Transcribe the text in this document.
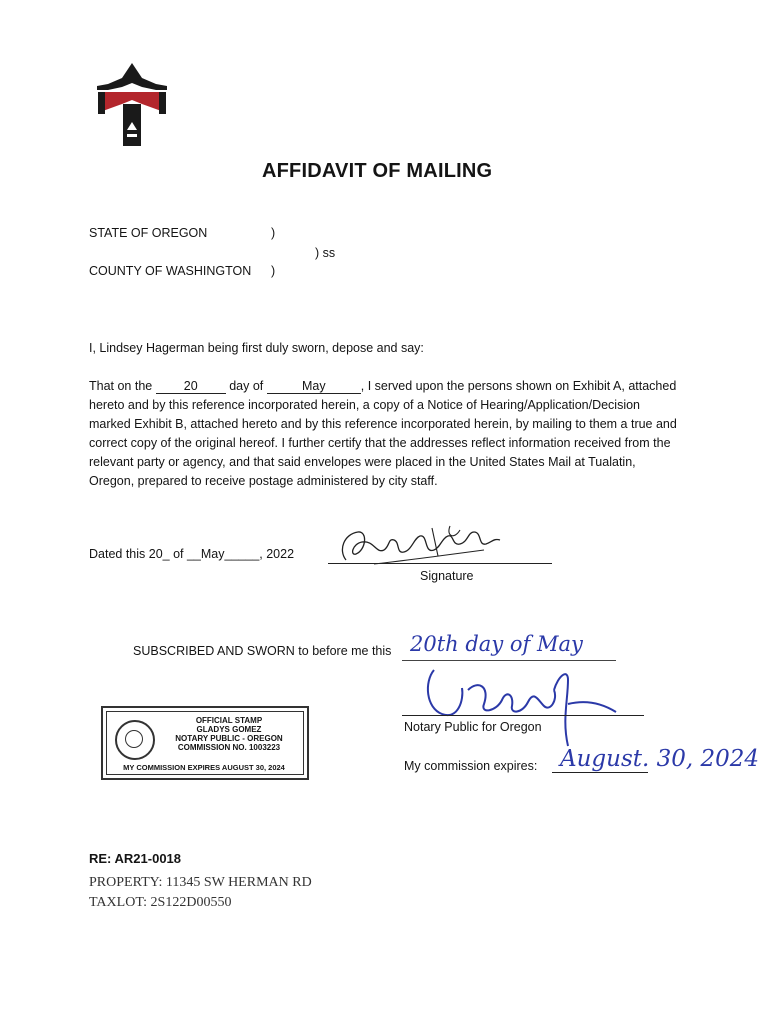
AFFIDAVIT OF MAILING
STATE OF OREGON	)
) ss
COUNTY OF WASHINGTON )
I, Lindsey Hagerman being first duly sworn, depose and say:
That on the	20	day of	May	, I served upon the persons shown on Exhibit A, attached hereto and by this reference incorporated herein, a copy of a Notice of Hearing/Application/Decision marked Exhibit B, attached hereto and by this reference incorporated herein, by mailing to them a true and correct copy of the original hereof. I further certify that the addresses reflect information received from the relevant party or agency, and that said envelopes were placed in the United States Mail at Tualatin, Oregon, prepared to receive postage administered by city staff.
Dated this 20_ of __May_____, 2022
Signature
SUBSCRIBED AND SWORN to before me this 20th day of May
Notary Public for Oregon
My commission expires: August. 30, 2024
OFFICIAL STAMP
GLADYS GOMEZ
NOTARY PUBLIC - OREGON
COMMISSION NO. 1003223
MY COMMISSION EXPIRES AUGUST 30, 2024
RE: AR21-0018
PROPERTY: 11345 SW HERMAN RD
TAXLOT: 2S122D00550
